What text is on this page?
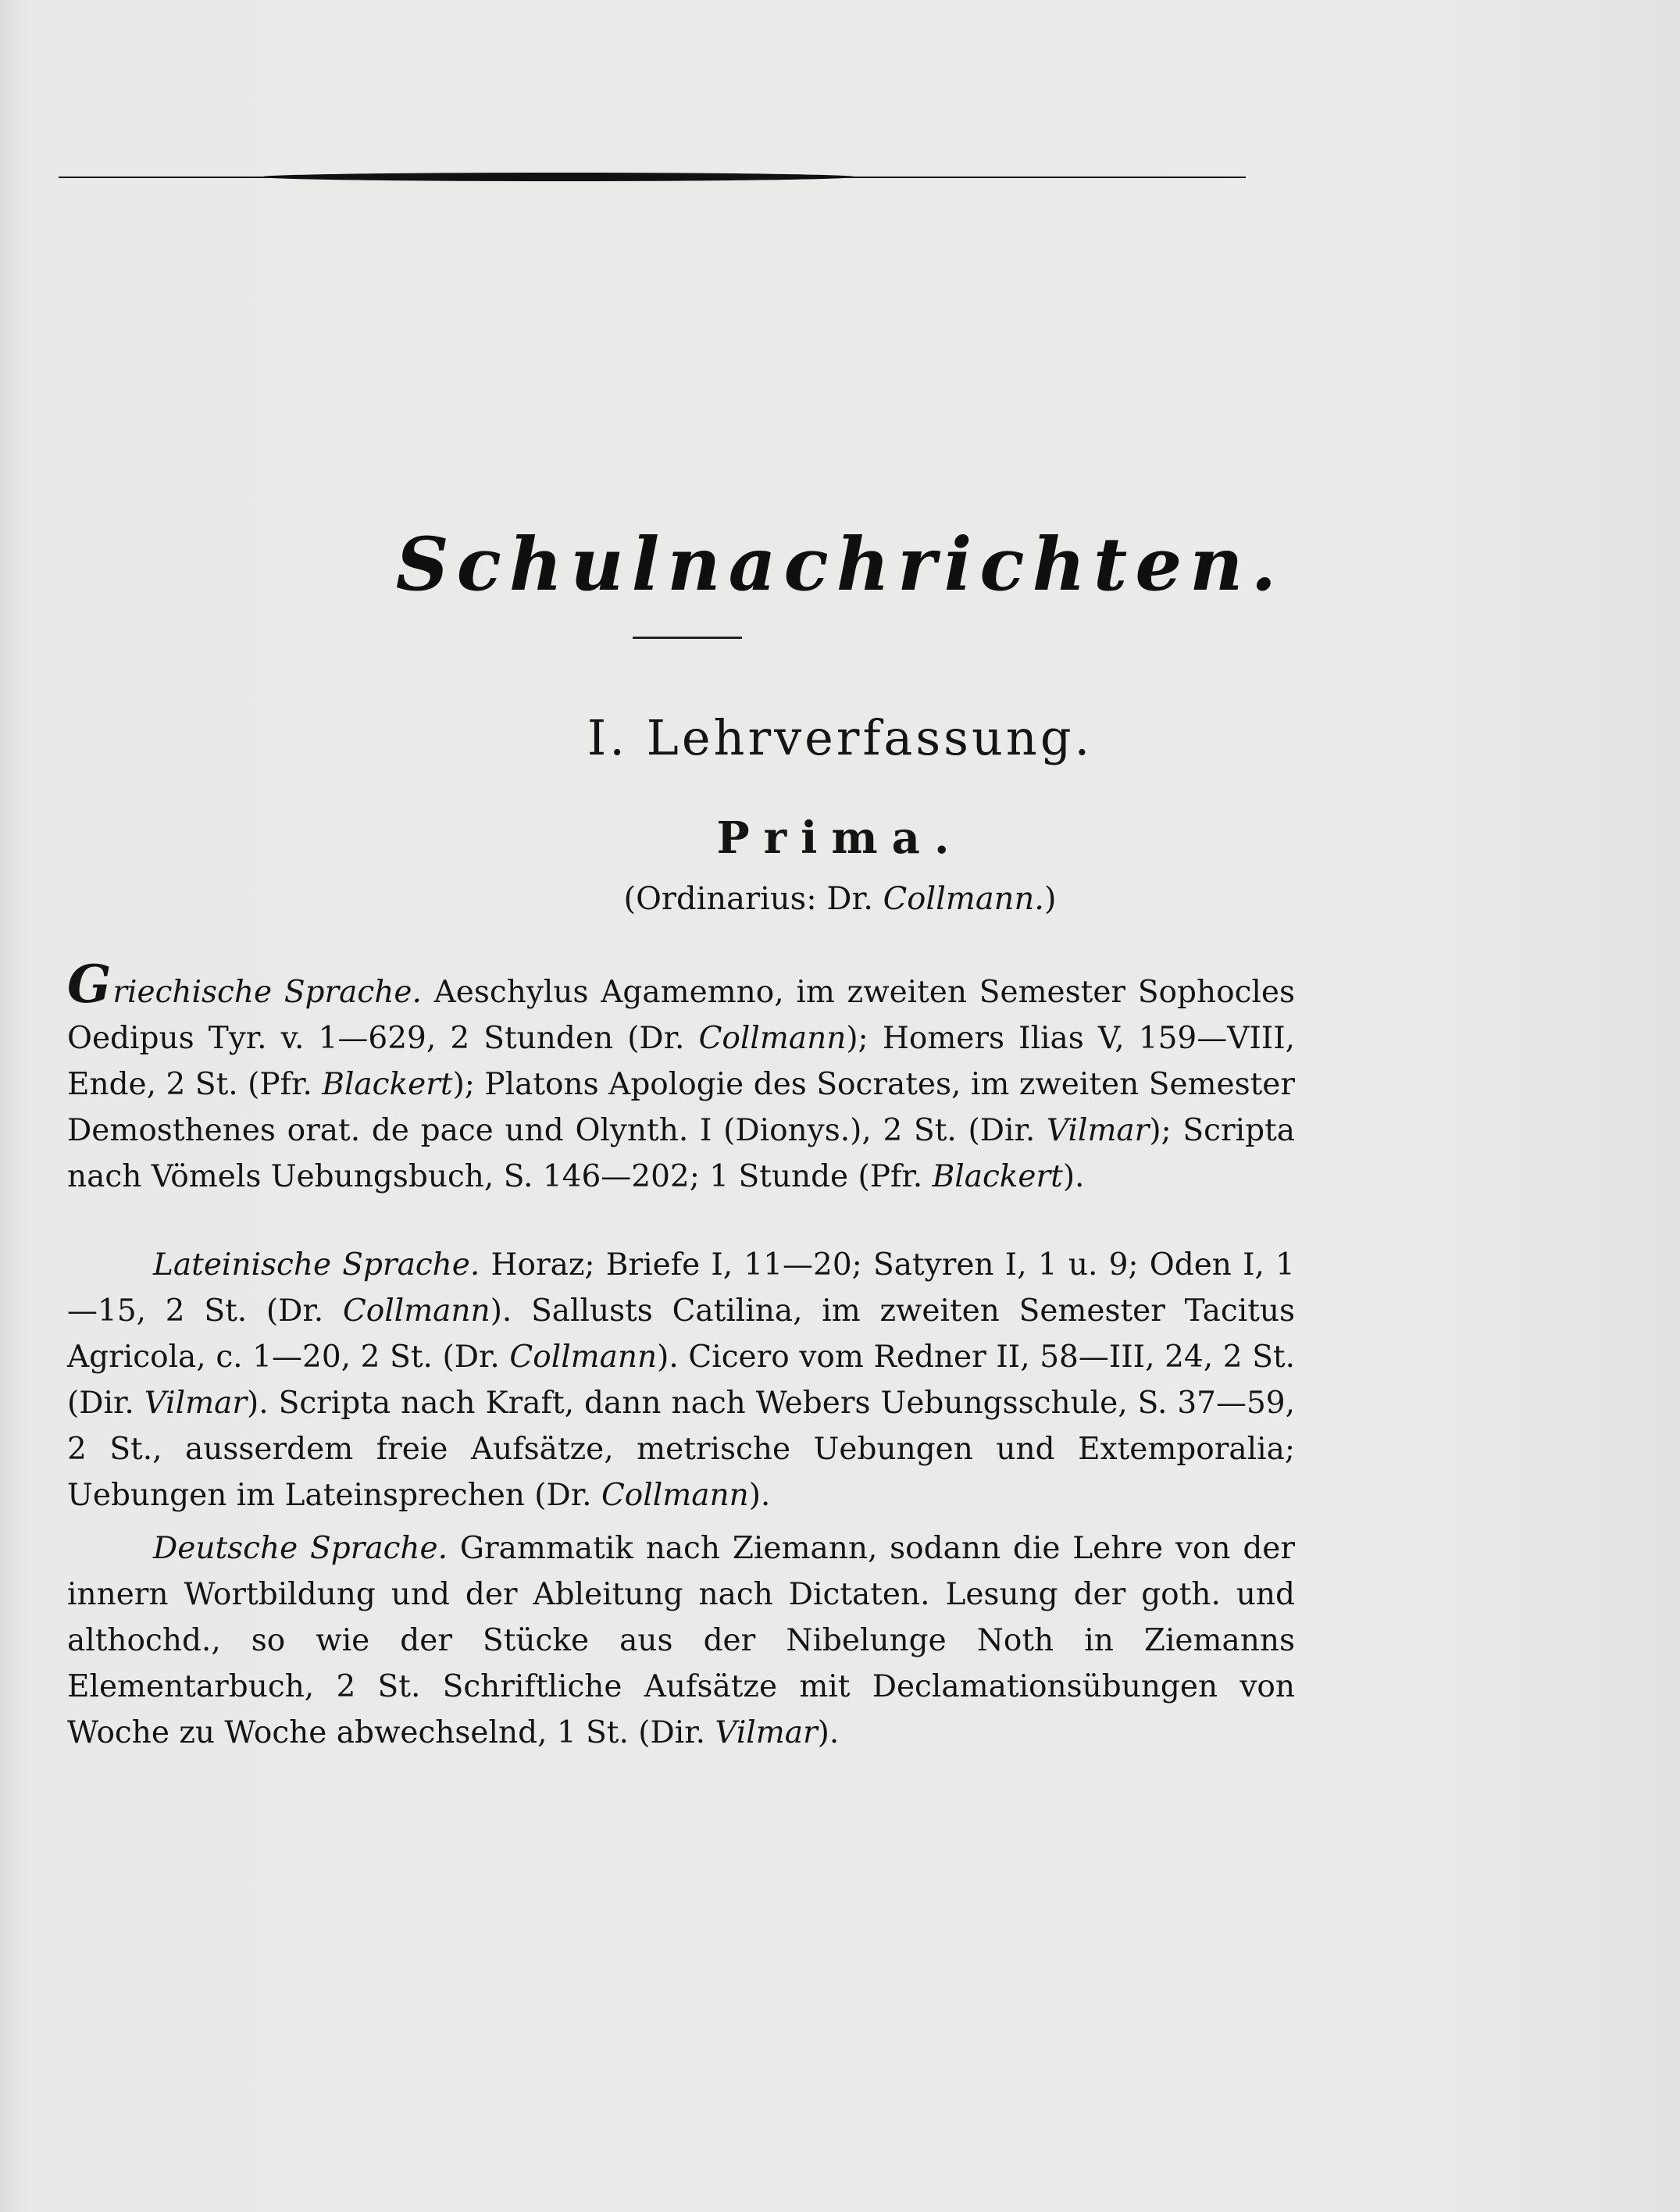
Schulnachrichten.
I. Lehrverfassung.
Prima.
(Ordinarius: Dr. Collmann.)
Griechische Sprache. Aeschylus Agamemno, im zweiten Semester Sophocles Oedipus Tyr. v. 1—629, 2 Stunden (Dr. Collmann); Homers Ilias V, 159—VIII, Ende, 2 St. (Pfr. Blackert); Platons Apologie des Socrates, im zweiten Semester Demosthenes orat. de pace und Olynth. I (Dionys.), 2 St. (Dir. Vilmar); Scripta nach Vömels Uebungsbuch, S. 146—202; 1 Stunde (Pfr. Blackert).
Lateinische Sprache. Horaz; Briefe I, 11—20; Satyren I, 1 u. 9; Oden I, 1—15, 2 St. (Dr. Collmann). Sallusts Catilina, im zweiten Semester Tacitus Agricola, c. 1—20, 2 St. (Dr. Collmann). Cicero vom Redner II, 58—III, 24, 2 St. (Dir. Vilmar). Scripta nach Kraft, dann nach Webers Uebungsschule, S. 37—59, 2 St., ausserdem freie Aufsätze, metrische Uebungen und Extemporalia; Uebungen im Lateinsprechen (Dr. Collmann).
Deutsche Sprache. Grammatik nach Ziemann, sodann die Lehre von der innern Wortbildung und der Ableitung nach Dictaten. Lesung der goth. und althochd., so wie der Stücke aus der Nibelunge Noth in Ziemanns Elementarbuch, 2 St. Schriftliche Aufsätze mit Declamationsübungen von Woche zu Woche abwechselnd, 1 St. (Dir. Vilmar).
